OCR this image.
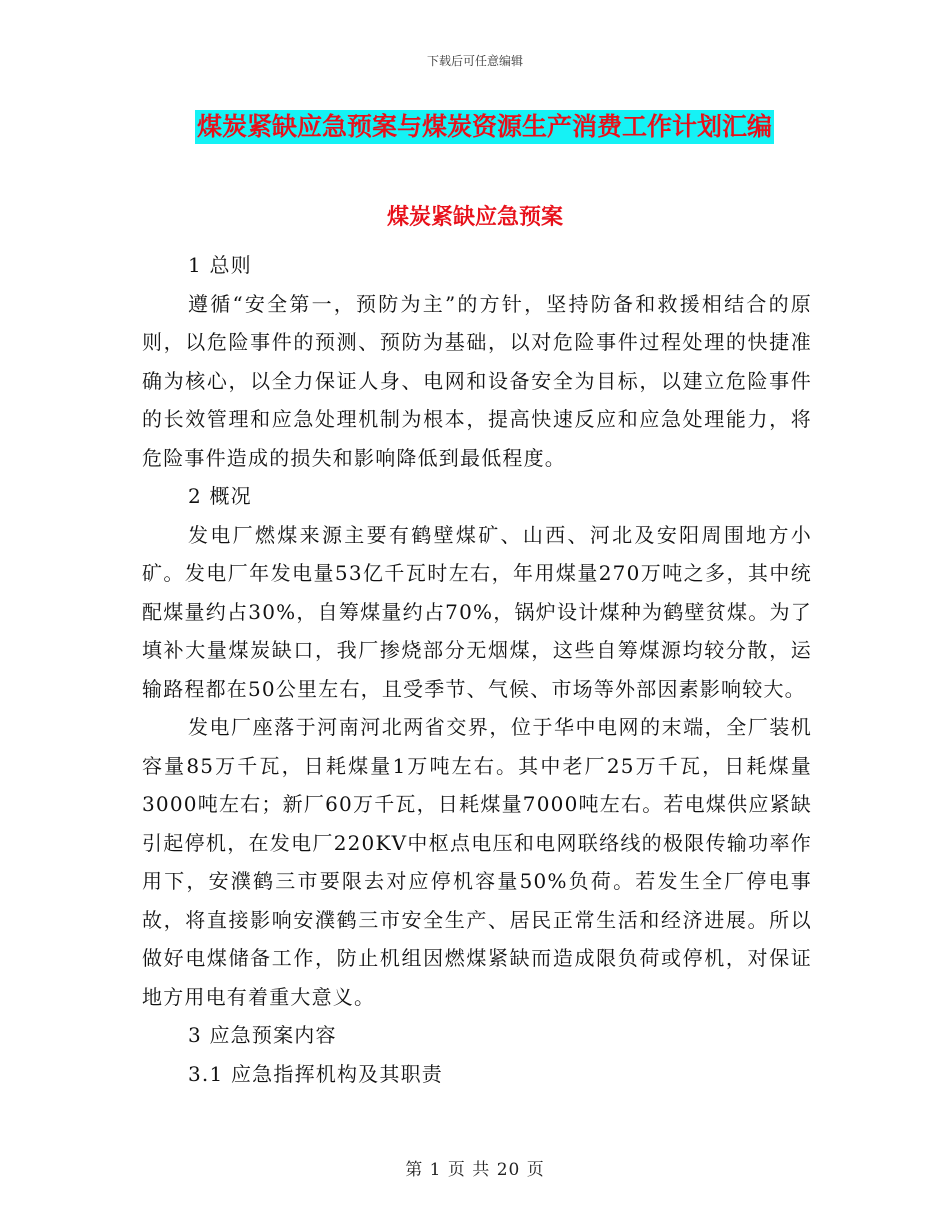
下载后可任意编辑
煤炭紧缺应急预案与煤炭资源生产消费工作计划汇编
煤炭紧缺应急预案

1 总则

遵循“安全第一，预防为主”的方针，坚持防备和救援相结合的原则，以危险事件的预测、预防为基础，以对危险事件过程处理的快捷准确为核心，以全力保证人身、电网和设备安全为目标，以建立危险事件的长效管理和应急处理机制为根本，提高快速反应和应急处理能力，将危险事件造成的损失和影响降低到最低程度。

2 概况

发电厂燃煤来源主要有鹤壁煤矿、山西、河北及安阳周围地方小矿。发电厂年发电量53亿千瓦时左右，年用煤量270万吨之多，其中统配煤量约占30%，自筹煤量约占70%，锅炉设计煤种为鹤壁贫煤。为了填补大量煤炭缺口，我厂掺烧部分无烟煤，这些自筹煤源均较分散，运输路程都在50公里左右，且受季节、气候、市场等外部因素影响较大。

发电厂座落于河南河北两省交界，位于华中电网的末端，全厂装机容量85万千瓦，日耗煤量1万吨左右。其中老厂25万千瓦，日耗煤量3000吨左右；新厂60万千瓦，日耗煤量7000吨左右。若电煤供应紧缺引起停机，在发电厂220KV中枢点电压和电网联络线的极限传输功率作用下，安濮鹤三市要限去对应停机容量50%负荷。若发生全厂停电事故，将直接影响安濮鹤三市安全生产、居民正常生活和经济进展。所以做好电煤储备工作，防止机组因燃煤紧缺而造成限负荷或停机，对保证地方用电有着重大意义。

3 应急预案内容

3.1 应急指挥机构及其职责

第 1 页 共 20 页
